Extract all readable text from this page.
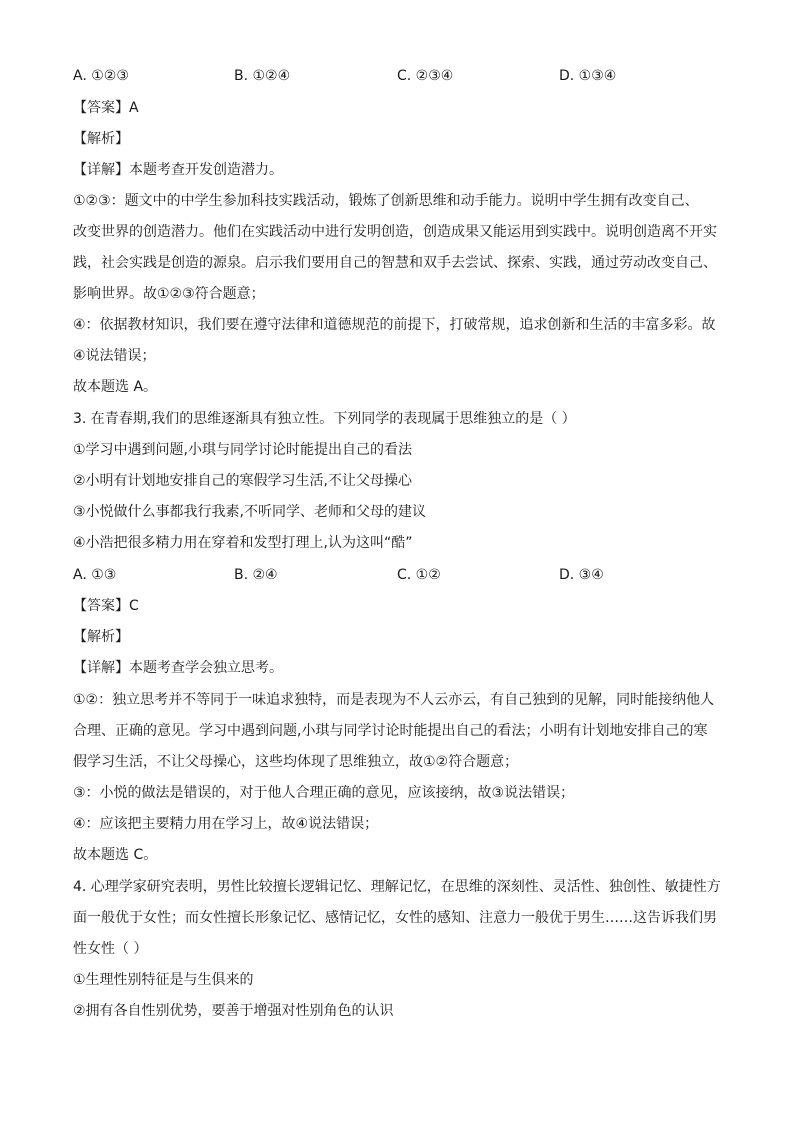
A. ①②③	B. ①②④	C. ②③④	D. ①③④
【答案】A
【解析】
【详解】本题考查开发创造潜力。
①②③：题文中的中学生参加科技实践活动，锻炼了创新思维和动手能力。说明中学生拥有改变自己、
改变世界的创造潜力。他们在实践活动中进行发明创造，创造成果又能运用到实践中。说明创造离不开实
践，社会实践是创造的源泉。启示我们要用自己的智慧和双手去尝试、探索、实践，通过劳动改变自己、
影响世界。故①②③符合题意；
④：依据教材知识，我们要在遵守法律和道德规范的前提下，打破常规，追求创新和生活的丰富多彩。故
④说法错误；
故本题选 A。
3. 在青春期,我们的思维逐渐具有独立性。下列同学的表现属于思维独立的是（ ）
①学习中遇到问题,小琪与同学讨论时能提出自己的看法
②小明有计划地安排自己的寒假学习生活,不让父母操心
③小悦做什么事都我行我素,不听同学、老师和父母的建议
④小浩把很多精力用在穿着和发型打理上,认为这叫“酷”
A. ①③	B. ②④	C. ①②	D. ③④
【答案】C
【解析】
【详解】本题考查学会独立思考。
①②：独立思考并不等同于一味追求独特，而是表现为不人云亦云，有自己独到的见解，同时能接纳他人
合理、正确的意见。学习中遇到问题,小琪与同学讨论时能提出自己的看法；小明有计划地安排自己的寒
假学习生活，不让父母操心，这些均体现了思维独立，故①②符合题意；
③：小悦的做法是错误的，对于他人合理正确的意见，应该接纳，故③说法错误；
④：应该把主要精力用在学习上，故④说法错误；
故本题选 C。
4. 心理学家研究表明，男性比较擅长逻辑记忆、理解记忆，在思维的深刻性、灵活性、独创性、敏捷性方
面一般优于女性；而女性擅长形象记忆、感情记忆，女性的感知、注意力一般优于男生……这告诉我们男
性女性（ ）
①生理性别特征是与生俱来的
②拥有各自性别优势，要善于增强对性别角色的认识
